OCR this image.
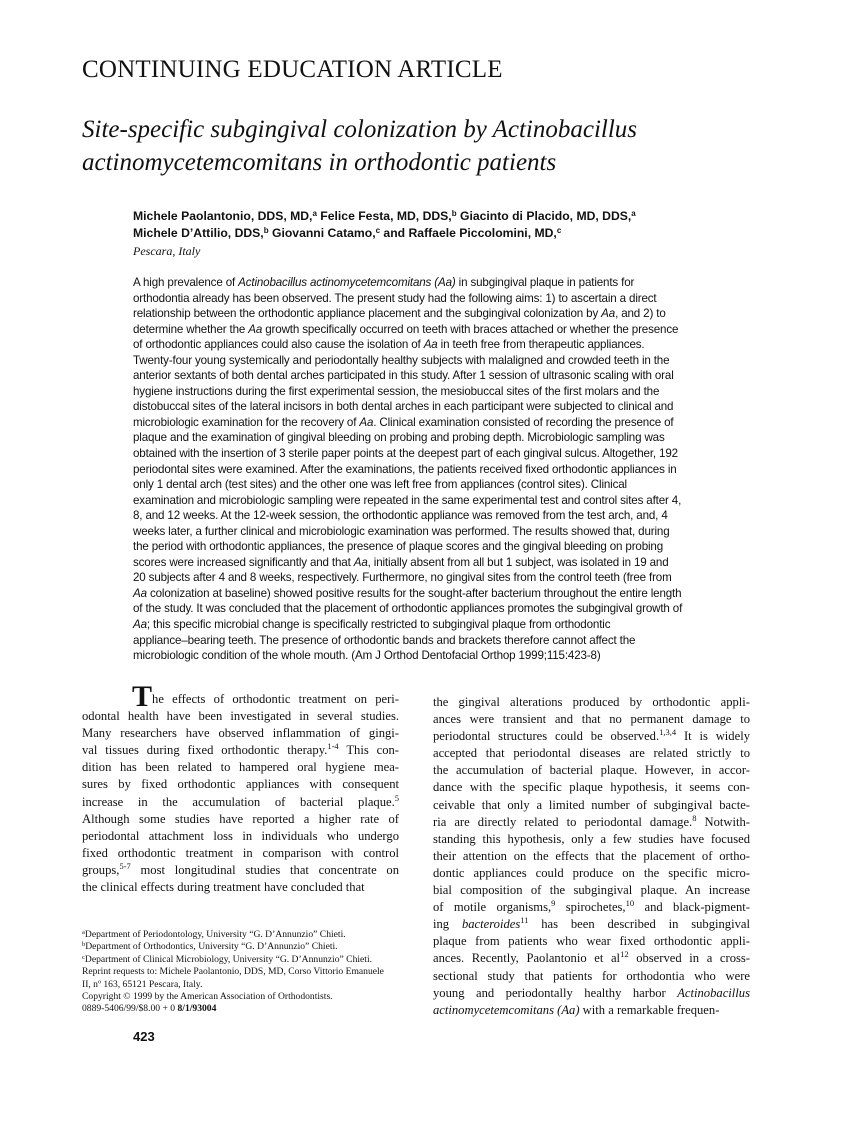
CONTINUING EDUCATION ARTICLE
Site-specific subgingival colonization by Actinobacillus
actinomycetemcomitans in orthodontic patients
Michele Paolantonio, DDS, MD,$^a$ Felice Festa, MD, DDS,$^b$ Giacinto di Placido, MD, DDS,$^a$
Michele D’Attilio, DDS,$^b$ Giovanni Catamo,$^c$ and Raffaele Piccolomini, MD,$^c$
Pescara, Italy
A high prevalence of Actinobacillus actinomycetemcomitans (Aa) in subgingival plaque in patients for
orthodontia already has been observed. The present study had the following aims: 1) to ascertain a direct
relationship between the orthodontic appliance placement and the subgingival colonization by Aa, and 2) to
determine whether the Aa growth specifically occurred on teeth with braces attached or whether the presence
of orthodontic appliances could also cause the isolation of Aa in teeth free from therapeutic appliances.
Twenty-four young systemically and periodontally healthy subjects with malaligned and crowded teeth in the
anterior sextants of both dental arches participated in this study. After 1 session of ultrasonic scaling with oral
hygiene instructions during the first experimental session, the mesiobuccal sites of the first molars and the
distobuccal sites of the lateral incisors in both dental arches in each participant were subjected to clinical and
microbiologic examination for the recovery of Aa. Clinical examination consisted of recording the presence of
plaque and the examination of gingival bleeding on probing and probing depth. Microbiologic sampling was
obtained with the insertion of 3 sterile paper points at the deepest part of each gingival sulcus. Altogether, 192
periodontal sites were examined. After the examinations, the patients received fixed orthodontic appliances in
only 1 dental arch (test sites) and the other one was left free from appliances (control sites). Clinical
examination and microbiologic sampling were repeated in the same experimental test and control sites after 4,
8, and 12 weeks. At the 12-week session, the orthodontic appliance was removed from the test arch, and, 4
weeks later, a further clinical and microbiologic examination was performed. The results showed that, during
the period with orthodontic appliances, the presence of plaque scores and the gingival bleeding on probing
scores were increased significantly and that Aa, initially absent from all but 1 subject, was isolated in 19 and
20 subjects after 4 and 8 weeks, respectively. Furthermore, no gingival sites from the control teeth (free from
Aa colonization at baseline) showed positive results for the sought-after bacterium throughout the entire length
of the study. It was concluded that the placement of orthodontic appliances promotes the subgingival growth of
Aa; this specific microbial change is specifically restricted to subgingival plaque from orthodontic
appliance–bearing teeth. The presence of orthodontic bands and brackets therefore cannot affect the
microbiologic condition of the whole mouth. (Am J Orthod Dentofacial Orthop 1999;115:423-8)
The effects of orthodontic treatment on peri-
odontal health have been investigated in several studies.
Many researchers have observed inflammation of gingi-
val tissues during fixed orthodontic therapy.$^{1-4}$ This con-
dition has been related to hampered oral hygiene mea-
sures by fixed orthodontic appliances with consequent
increase in the accumulation of bacterial plaque.$^5$
Although some studies have reported a higher rate of
periodontal attachment loss in individuals who undergo
fixed orthodontic treatment in comparison with control
groups,$^{5-7}$ most longitudinal studies that concentrate on
the clinical effects during treatment have concluded that
the gingival alterations produced by orthodontic appli-
ances were transient and that no permanent damage to
periodontal structures could be observed.$^{1,3,4}$ It is widely
accepted that periodontal diseases are related strictly to
the accumulation of bacterial plaque. However, in accor-
dance with the specific plaque hypothesis, it seems con-
ceivable that only a limited number of subgingival bacte-
ria are directly related to periodontal damage.$^8$ Notwith-
standing this hypothesis, only a few studies have focused
their attention on the effects that the placement of ortho-
dontic appliances could produce on the specific micro-
bial composition of the subgingival plaque. An increase
of motile organisms,$^9$ spirochetes,$^{10}$ and black-pigment-
ing bacteroides$^{11}$ has been described in subgingival
plaque from patients who wear fixed orthodontic appli-
ances. Recently, Paolantonio et al$^{12}$ observed in a cross-
sectional study that patients for orthodontia who were
young and periodontally healthy harbor Actinobacillus
actinomycetemcomitans (Aa) with a remarkable frequen-
$^a$Department of Periodontology, University “G. D’Annunzio” Chieti.
$^b$Department of Orthodontics, University “G. D’Annunzio” Chieti.
$^c$Department of Clinical Microbiology, University “G. D’Annunzio” Chieti.
Reprint requests to: Michele Paolantonio, DDS, MD, Corso Vittorio Emanuele
II, nº 163, 65121 Pescara, Italy.
Copyright © 1999 by the American Association of Orthodontists.
0889-5406/99/$8.00 + 0 8/1/93004
423
